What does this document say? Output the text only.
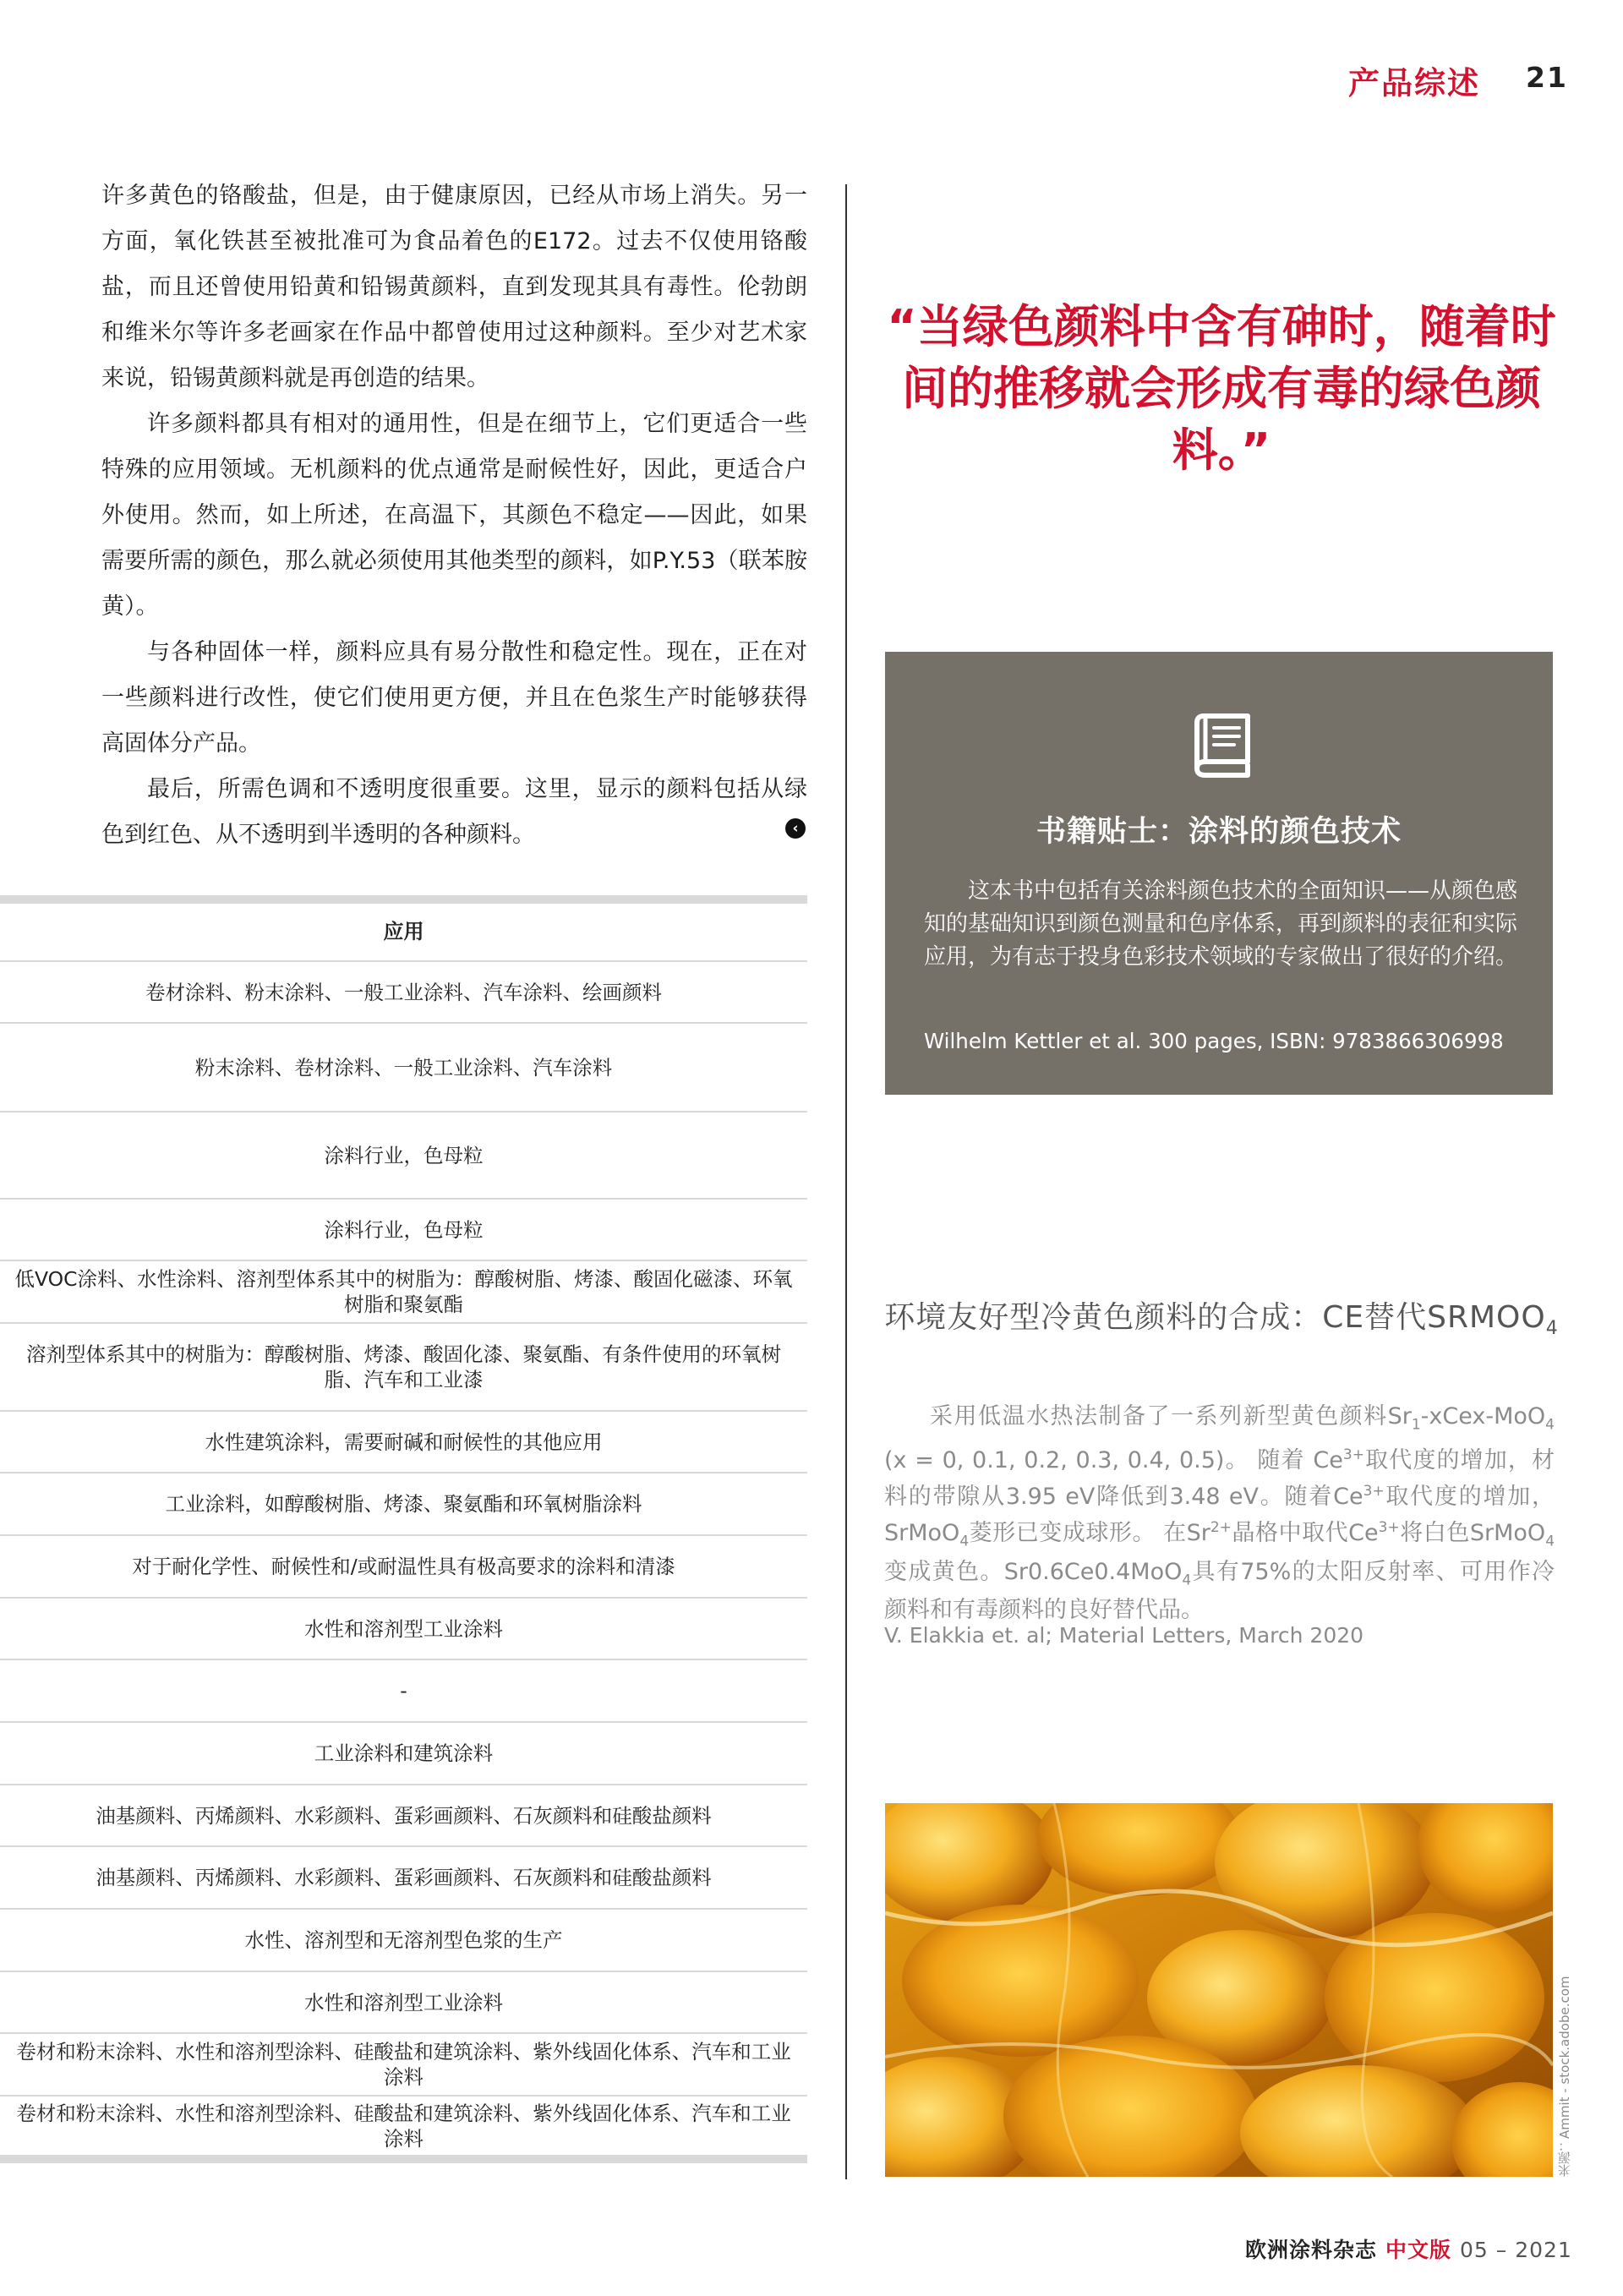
产品综述 21

许多黄色的铬酸盐，但是，由于健康原因，已经从市场上消失。另一方面，氧化铁甚至被批准可为食品着色的E172。过去不仅使用铬酸盐，而且还曾使用铅黄和铅锡黄颜料，直到发现其具有毒性。伦勃朗和维米尔等许多老画家在作品中都曾使用过这种颜料。至少对艺术家来说，铅锡黄颜料就是再创造的结果。

许多颜料都具有相对的通用性，但是在细节上，它们更适合一些特殊的应用领域。无机颜料的优点通常是耐候性好，因此，更适合户外使用。然而，如上所述，在高温下，其颜色不稳定——因此，如果需要所需的颜色，那么就必须使用其他类型的颜料，如P.Y.53（联苯胺黄）。

与各种固体一样，颜料应具有易分散性和稳定性。现在，正在对一些颜料进行改性，使它们使用更方便，并且在色浆生产时能够获得高固体分产品。

最后，所需色调和不透明度很重要。这里，显示的颜料包括从绿色到红色、从不透明到半透明的各种颜料。	‹
“当绿色颜料中含有砷时，随着时间的推移就会形成有毒的绿色颜料。”
应用
卷材涂料、粉末涂料、一般工业涂料、汽车涂料、绘画颜料
粉末涂料、卷材涂料、一般工业涂料、汽车涂料
涂料行业，色母粒
涂料行业，色母粒
低VOC涂料、水性涂料、溶剂型体系其中的树脂为：醇酸树脂、烤漆、酸固化磁漆、环氧树脂和聚氨酯
溶剂型体系其中的树脂为：醇酸树脂、烤漆、酸固化漆、聚氨酯、有条件使用的环氧树脂、汽车和工业漆
水性建筑涂料，需要耐碱和耐候性的其他应用
工业涂料，如醇酸树脂、烤漆、聚氨酯和环氧树脂涂料
对于耐化学性、耐候性和/或耐温性具有极高要求的涂料和清漆
水性和溶剂型工业涂料
-
工业涂料和建筑涂料
油基颜料、丙烯颜料、水彩颜料、蛋彩画颜料、石灰颜料和硅酸盐颜料
油基颜料、丙烯颜料、水彩颜料、蛋彩画颜料、石灰颜料和硅酸盐颜料
水性、溶剂型和无溶剂型色浆的生产
水性和溶剂型工业涂料
卷材和粉末涂料、水性和溶剂型涂料、硅酸盐和建筑涂料、紫外线固化体系、汽车和工业涂料
卷材和粉末涂料、水性和溶剂型涂料、硅酸盐和建筑涂料、紫外线固化体系、汽车和工业涂料
书籍贴士：涂料的颜色技术
这本书中包括有关涂料颜色技术的全面知识——从颜色感知的基础知识到颜色测量和色序体系，再到颜料的表征和实际应用，为有志于投身色彩技术领域的专家做出了很好的介绍。
Wilhelm Kettler et al. 300 pages, ISBN: 9783866306998
环境友好型冷黄色颜料的合成：CE替代$SRMOO_4$
采用低温水热法制备了一系列新型黄色颜料$Sr_1-xCex-MoO_4$ (x = 0, 0.1, 0.2, 0.3, 0.4, 0.5)。 随着 $Ce^{3+}$取代度的增加，材料的带隙从3.95 eV降低到3.48 eV。随着$Ce^{3+}$取代度的增加，SrMoO$_4$菱形已变成球形。 在$Sr^{2+}$晶格中取代$Ce^{3+}$将白色SrMoO$_4$变成黄色。Sr0.6Ce0.4MoO$_4$具有75%的太阳反射率、可用作冷颜料和有毒颜料的良好替代品。
V. Elakkia et. al; Material Letters, March 2020
来源：Ammit - stock.adobe.com
欧洲涂料杂志 中文版 05 – 2021
